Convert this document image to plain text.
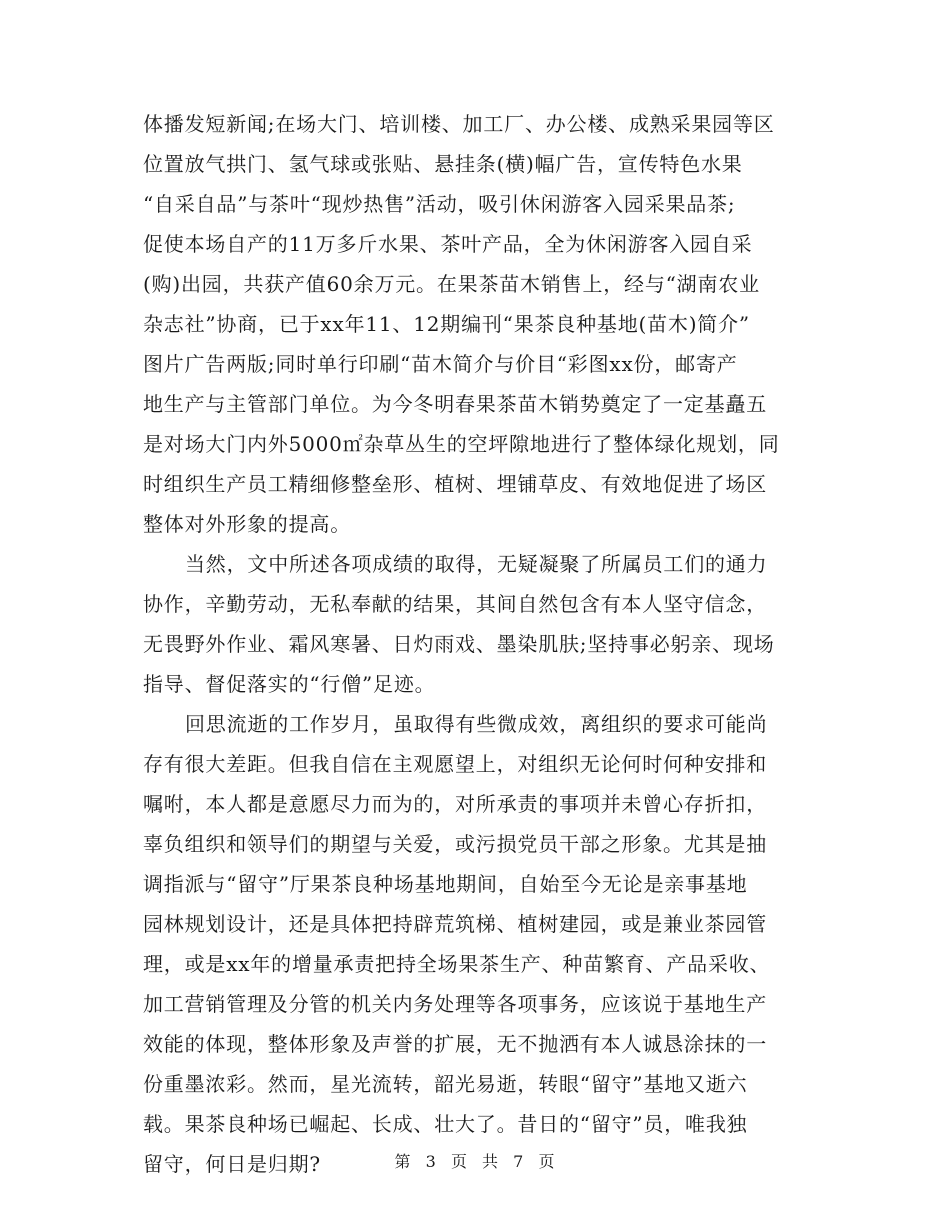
体播发短新闻;在场大门、培训楼、加工厂、办公楼、成熟采果园等区
位置放气拱门、氢气球或张贴、悬挂条(横)幅广告，宣传特色水果
“自采自品”与茶叶“现炒热售”活动，吸引休闲游客入园采果品茶;
促使本场自产的11万多斤水果、茶叶产品，全为休闲游客入园自采
(购)出园，共获产值60余万元。在果茶苗木销售上，经与“湖南农业
杂志社”协商，已于xx年11、12期编刊“果茶良种基地(苗木)简介”
图片广告两版;同时单行印刷“苗木简介与价目“彩图xx份，邮寄产
地生产与主管部门单位。为今冬明春果茶苗木销势奠定了一定基矗五
是对场大门内外5000㎡杂草丛生的空坪隙地进行了整体绿化规划，同
时组织生产员工精细修整垒形、植树、埋铺草皮、有效地促进了场区
整体对外形象的提高。
当然，文中所述各项成绩的取得，无疑凝聚了所属员工们的通力
协作，辛勤劳动，无私奉献的结果，其间自然包含有本人坚守信念，
无畏野外作业、霜风寒暑、日灼雨戏、墨染肌肤;坚持事必躬亲、现场
指导、督促落实的“行僧”足迹。
回思流逝的工作岁月，虽取得有些微成效，离组织的要求可能尚
存有很大差距。但我自信在主观愿望上，对组织无论何时何种安排和
嘱咐，本人都是意愿尽力而为的，对所承责的事项并未曾心存折扣，
辜负组织和领导们的期望与关爱，或污损党员干部之形象。尤其是抽
调指派与“留守”厅果茶良种场基地期间，自始至今无论是亲事基地
园林规划设计，还是具体把持辟荒筑梯、植树建园，或是兼业茶园管
理，或是xx年的增量承责把持全场果茶生产、种苗繁育、产品采收、
加工营销管理及分管的机关内务处理等各项事务，应该说于基地生产
效能的体现，整体形象及声誉的扩展，无不抛洒有本人诚恳涂抹的一
份重墨浓彩。然而，星光流转，韶光易逝，转眼“留守”基地又逝六
载。果茶良种场已崛起、长成、壮大了。昔日的“留守”员，唯我独
留守，何日是归期?	第 3 页 共 7 页
